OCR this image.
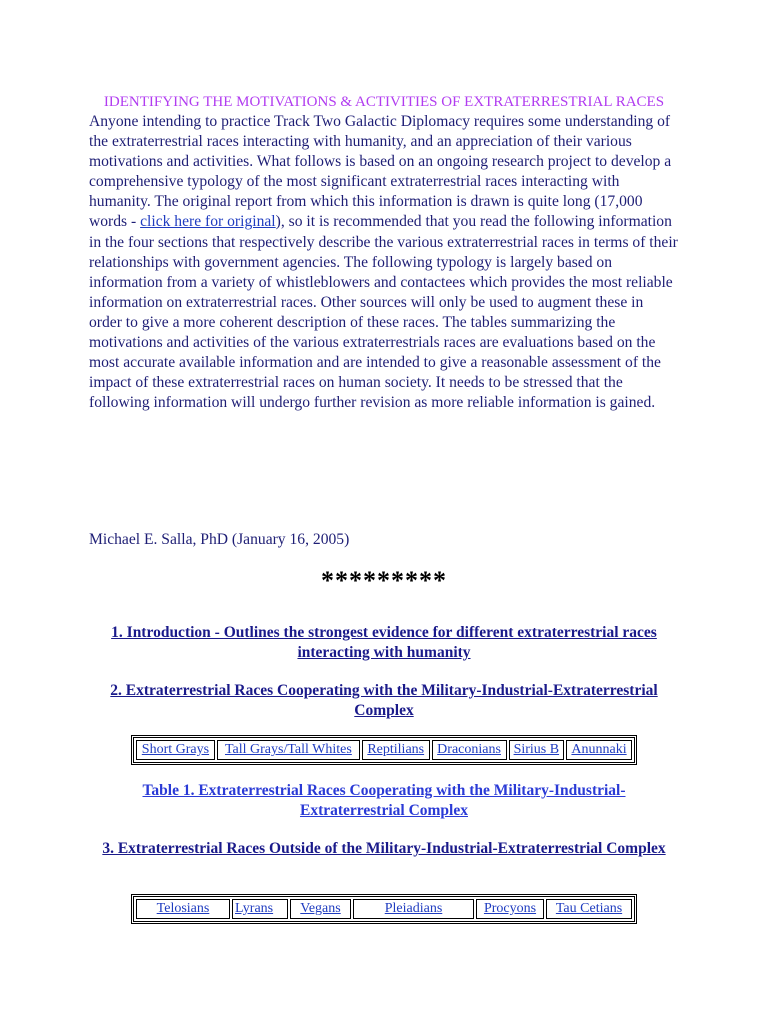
IDENTIFYING THE MOTIVATIONS & ACTIVITIES OF EXTRATERRESTRIAL RACES

Anyone intending to practice Track Two Galactic Diplomacy requires some understanding of the extraterrestrial races interacting with humanity, and an appreciation of their various motivations and activities. What follows is based on an ongoing research project to develop a comprehensive typology of the most significant extraterrestrial races interacting with humanity. The original report from which this information is drawn is quite long (17,000 words - click here for original), so it is recommended that you read the following information in the four sections that respectively describe the various extraterrestrial races in terms of their relationships with government agencies. The following typology is largely based on information from a variety of whistleblowers and contactees which provides the most reliable information on extraterrestrial races. Other sources will only be used to augment these in order to give a more coherent description of these races. The tables summarizing the motivations and activities of the various extraterrestrials races are evaluations based on the most accurate available information and are intended to give a reasonable assessment of the impact of these extraterrestrial races on human society. It needs to be stressed that the following information will undergo further revision as more reliable information is gained.

Michael E. Salla, PhD (January 16, 2005)

*********

1. Introduction - Outlines the strongest evidence for different extraterrestrial races interacting with humanity
2. Extraterrestrial Races Cooperating with the Military-Industrial-Extraterrestrial Complex
Short Grays	Tall Grays/Tall Whites	Reptilians	Draconians	Sirius B	Anunnaki
Table 1. Extraterrestrial Races Cooperating with the Military-Industrial-Extraterrestrial Complex
3. Extraterrestrial Races Outside of the Military-Industrial-Extraterrestrial Complex
Telosians	Lyrans	Vegans	Pleiadians	Procyons	Tau Cetians
